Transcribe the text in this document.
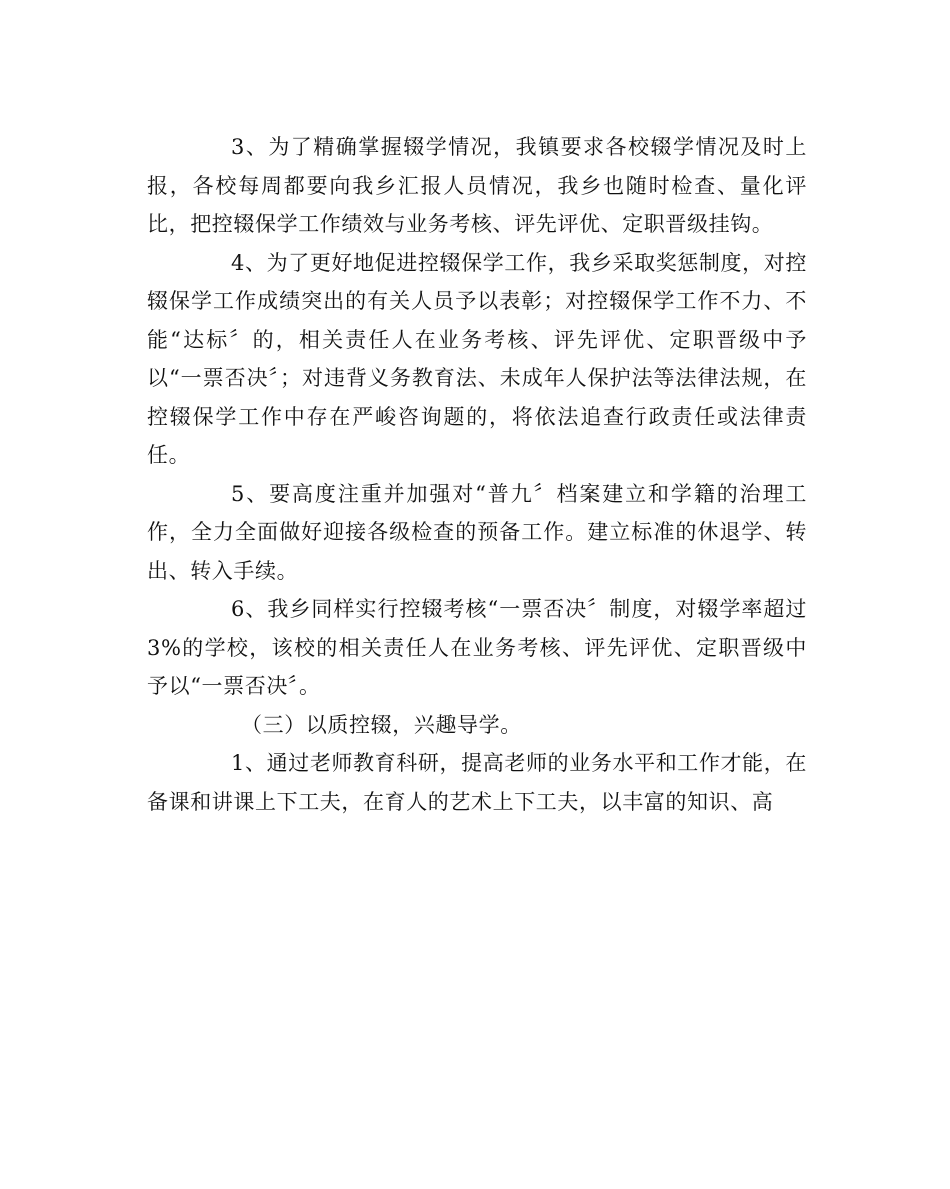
3、为了精确掌握辍学情况，我镇要求各校辍学情况及时上报，各校每周都要向我乡汇报人员情况，我乡也随时检查、量化评比，把控辍保学工作绩效与业务考核、评先评优、定职晋级挂钩。

4、为了更好地促进控辍保学工作，我乡采取奖惩制度，对控辍保学工作成绩突出的有关人员予以表彰；对控辍保学工作不力、不能“达标〞的，相关责任人在业务考核、评先评优、定职晋级中予以“一票否决〞；对违背义务教育法、未成年人保护法等法律法规，在控辍保学工作中存在严峻咨询题的，将依法追查行政责任或法律责任。

5、要高度注重并加强对“普九〞档案建立和学籍的治理工作，全力全面做好迎接各级检查的预备工作。建立标准的休退学、转出、转入手续。

6、我乡同样实行控辍考核“一票否决〞制度，对辍学率超过3%的学校，该校的相关责任人在业务考核、评先评优、定职晋级中予以“一票否决〞。

（三）以质控辍，兴趣导学。

1、通过老师教育科研，提高老师的业务水平和工作才能，在备课和讲课上下工夫，在育人的艺术上下工夫，以丰富的知识、高
